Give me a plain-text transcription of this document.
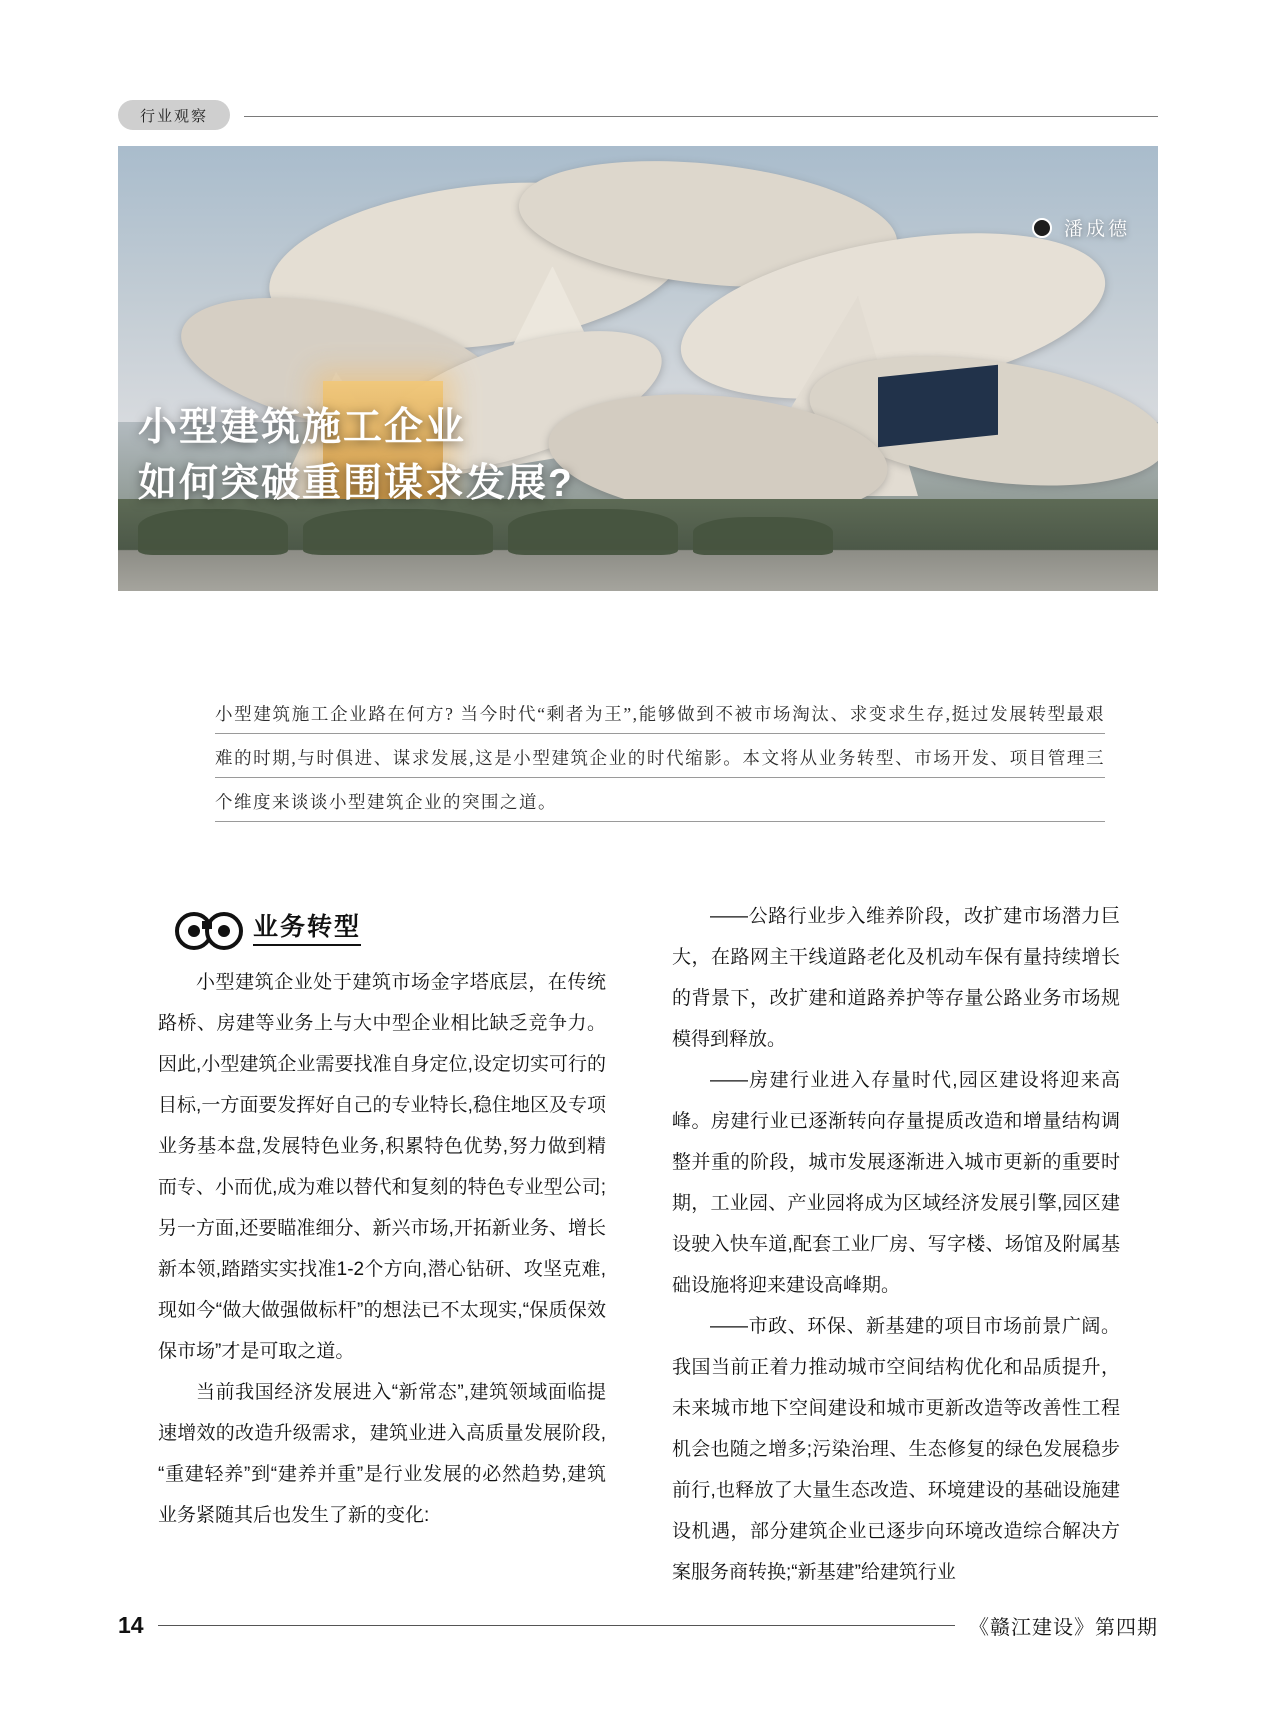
行业观察
潘成德
小型建筑施工企业
如何突破重围谋求发展?
小型建筑施工企业路在何方? 当今时代“剩者为王”,能够做到不被市场淘汰、求变求生存,挺过发展转型最艰难的时期,与时俱进、谋求发展,这是小型建筑企业的时代缩影。本文将从业务转型、市场开发、项目管理三个维度来谈谈小型建筑企业的突围之道。
业务转型

小型建筑企业处于建筑市场金字塔底层，在传统路桥、房建等业务上与大中型企业相比缺乏竞争力。因此,小型建筑企业需要找准自身定位,设定切实可行的目标,一方面要发挥好自己的专业特长,稳住地区及专项业务基本盘,发展特色业务,积累特色优势,努力做到精而专、小而优,成为难以替代和复刻的特色专业型公司;另一方面,还要瞄准细分、新兴市场,开拓新业务、增长新本领,踏踏实实找准1-2个方向,潜心钻研、攻坚克难,现如今“做大做强做标杆”的想法已不太现实,“保质保效保市场”才是可取之道。

当前我国经济发展进入“新常态”,建筑领域面临提速增效的改造升级需求，建筑业进入高质量发展阶段,“重建轻养”到“建养并重”是行业发展的必然趋势,建筑业务紧随其后也发生了新的变化:

——公路行业步入维养阶段，改扩建市场潜力巨大，在路网主干线道路老化及机动车保有量持续增长的背景下，改扩建和道路养护等存量公路业务市场规模得到释放。

——房建行业进入存量时代,园区建设将迎来高峰。房建行业已逐渐转向存量提质改造和增量结构调整并重的阶段，城市发展逐渐进入城市更新的重要时期，工业园、产业园将成为区域经济发展引擎,园区建设驶入快车道,配套工业厂房、写字楼、场馆及附属基础设施将迎来建设高峰期。

——市政、环保、新基建的项目市场前景广阔。我国当前正着力推动城市空间结构优化和品质提升，未来城市地下空间建设和城市更新改造等改善性工程机会也随之增多;污染治理、生态修复的绿色发展稳步前行,也释放了大量生态改造、环境建设的基础设施建设机遇，部分建筑企业已逐步向环境改造综合解决方案服务商转换;“新基建”给建筑行业

14	《赣江建设》第四期
